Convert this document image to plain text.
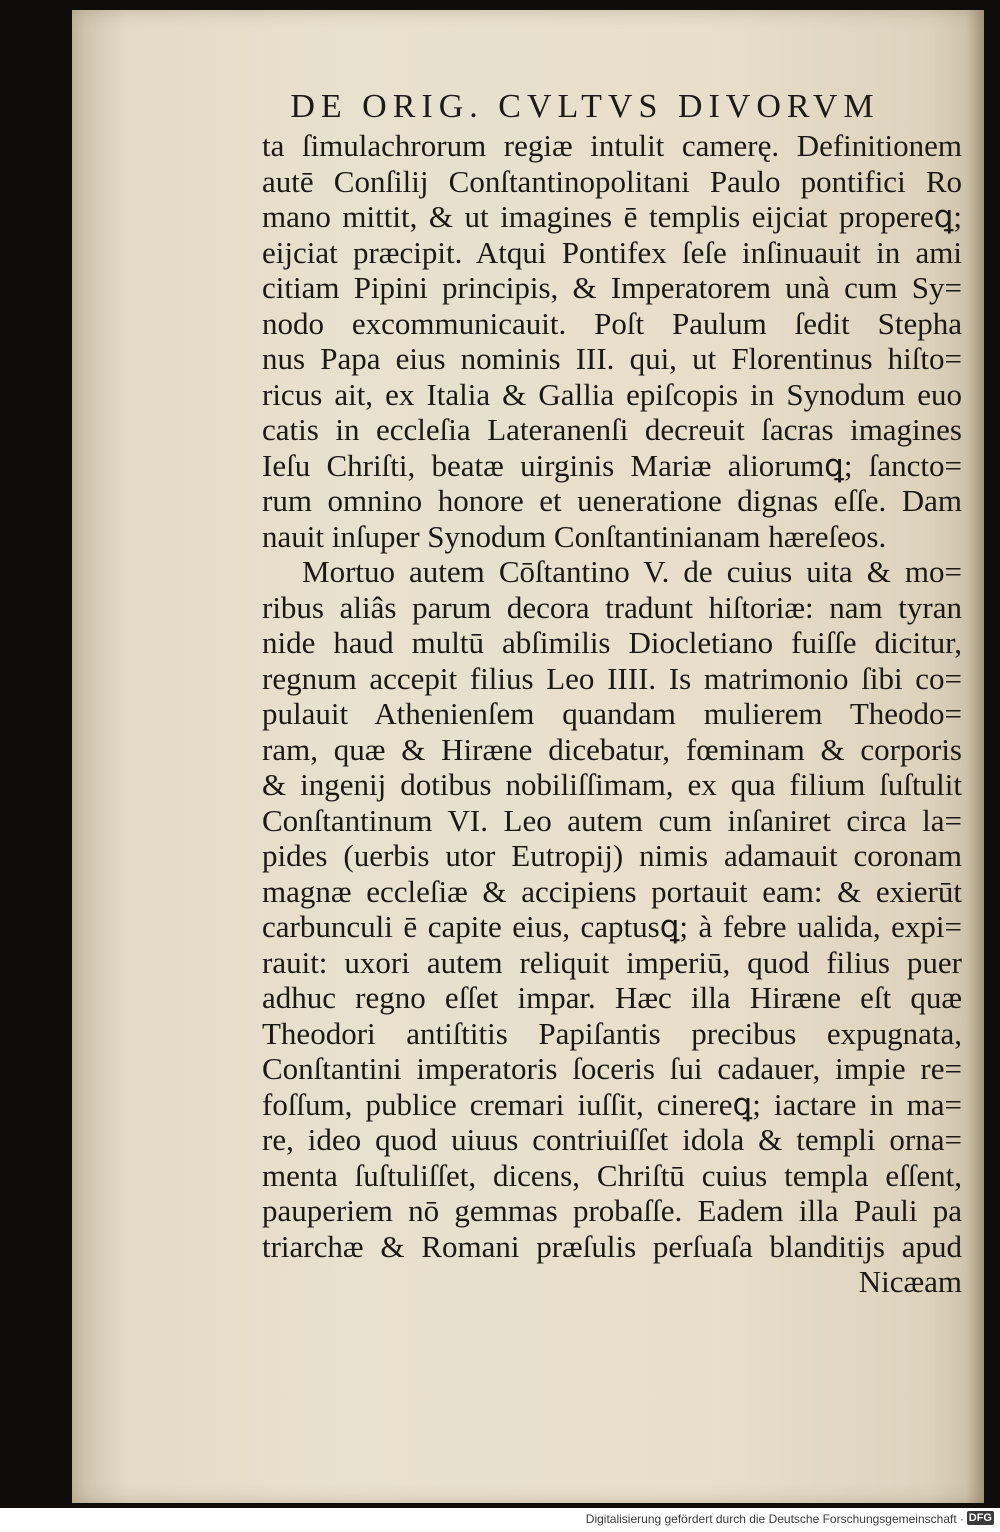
DE ORIG. CVLTVS DIVORVM
ta ſimulachrorum regiæ intulit camerę. Definitionem
autē Conſilij Conſtantinopolitani Paulo pontifici Ro
mano mittit, & ut imagines ē templis eijciat propereꝗ;
eijciat præcipit. Atqui Pontifex ſeſe inſinuauit in ami
citiam Pipini principis, & Imperatorem unà cum Sy=
nodo excommunicauit. Poſt Paulum ſedit Stepha
nus Papa eius nominis III. qui, ut Florentinus hiſto=
ricus ait, ex Italia & Gallia epiſcopis in Synodum euo
catis in eccleſia Lateranenſi decreuit ſacras imagines
Ieſu Chriſti, beatæ uirginis Mariæ aliorumꝗ; ſancto=
rum omnino honore et ueneratione dignas eſſe. Dam
nauit inſuper Synodum Conſtantinianam hæreſeos.
Mortuo autem Cōſtantino V. de cuius uita & mo=
ribus aliâs parum decora tradunt hiſtoriæ: nam tyran
nide haud multū abſimilis Diocletiano fuiſſe dicitur,
regnum accepit filius Leo IIII. Is matrimonio ſibi co=
pulauit Athenienſem quandam mulierem Theodo=
ram, quæ & Hiræne dicebatur, fœminam & corporis
& ingenij dotibus nobiliſſimam, ex qua filium ſuſtulit
Conſtantinum VI. Leo autem cum inſaniret circa la=
pides (uerbis utor Eutropij) nimis adamauit coronam
magnæ eccleſiæ & accipiens portauit eam: & exierūt
carbunculi ē capite eius, captusꝗ; à febre ualida, expi=
rauit: uxori autem reliquit imperiū, quod filius puer
adhuc regno eſſet impar. Hæc illa Hiræne eſt quæ
Theodori antiſtitis Papiſantis precibus expugnata,
Conſtantini imperatoris ſoceris ſui cadauer, impie re=
foſſum, publice cremari iuſſit, cinereꝗ; iactare in ma=
re, ideo quod uiuus contriuiſſet idola & templi orna=
menta ſuſtuliſſet, dicens, Chriſtū cuius templa eſſent,
pauperiem nō gemmas probaſſe. Eadem illa Pauli pa
triarchæ & Romani præſulis perſuaſa blanditijs apud
Nicæam
Digitalisierung gefördert durch die Deutsche Forschungsgemeinschaft · DFG
